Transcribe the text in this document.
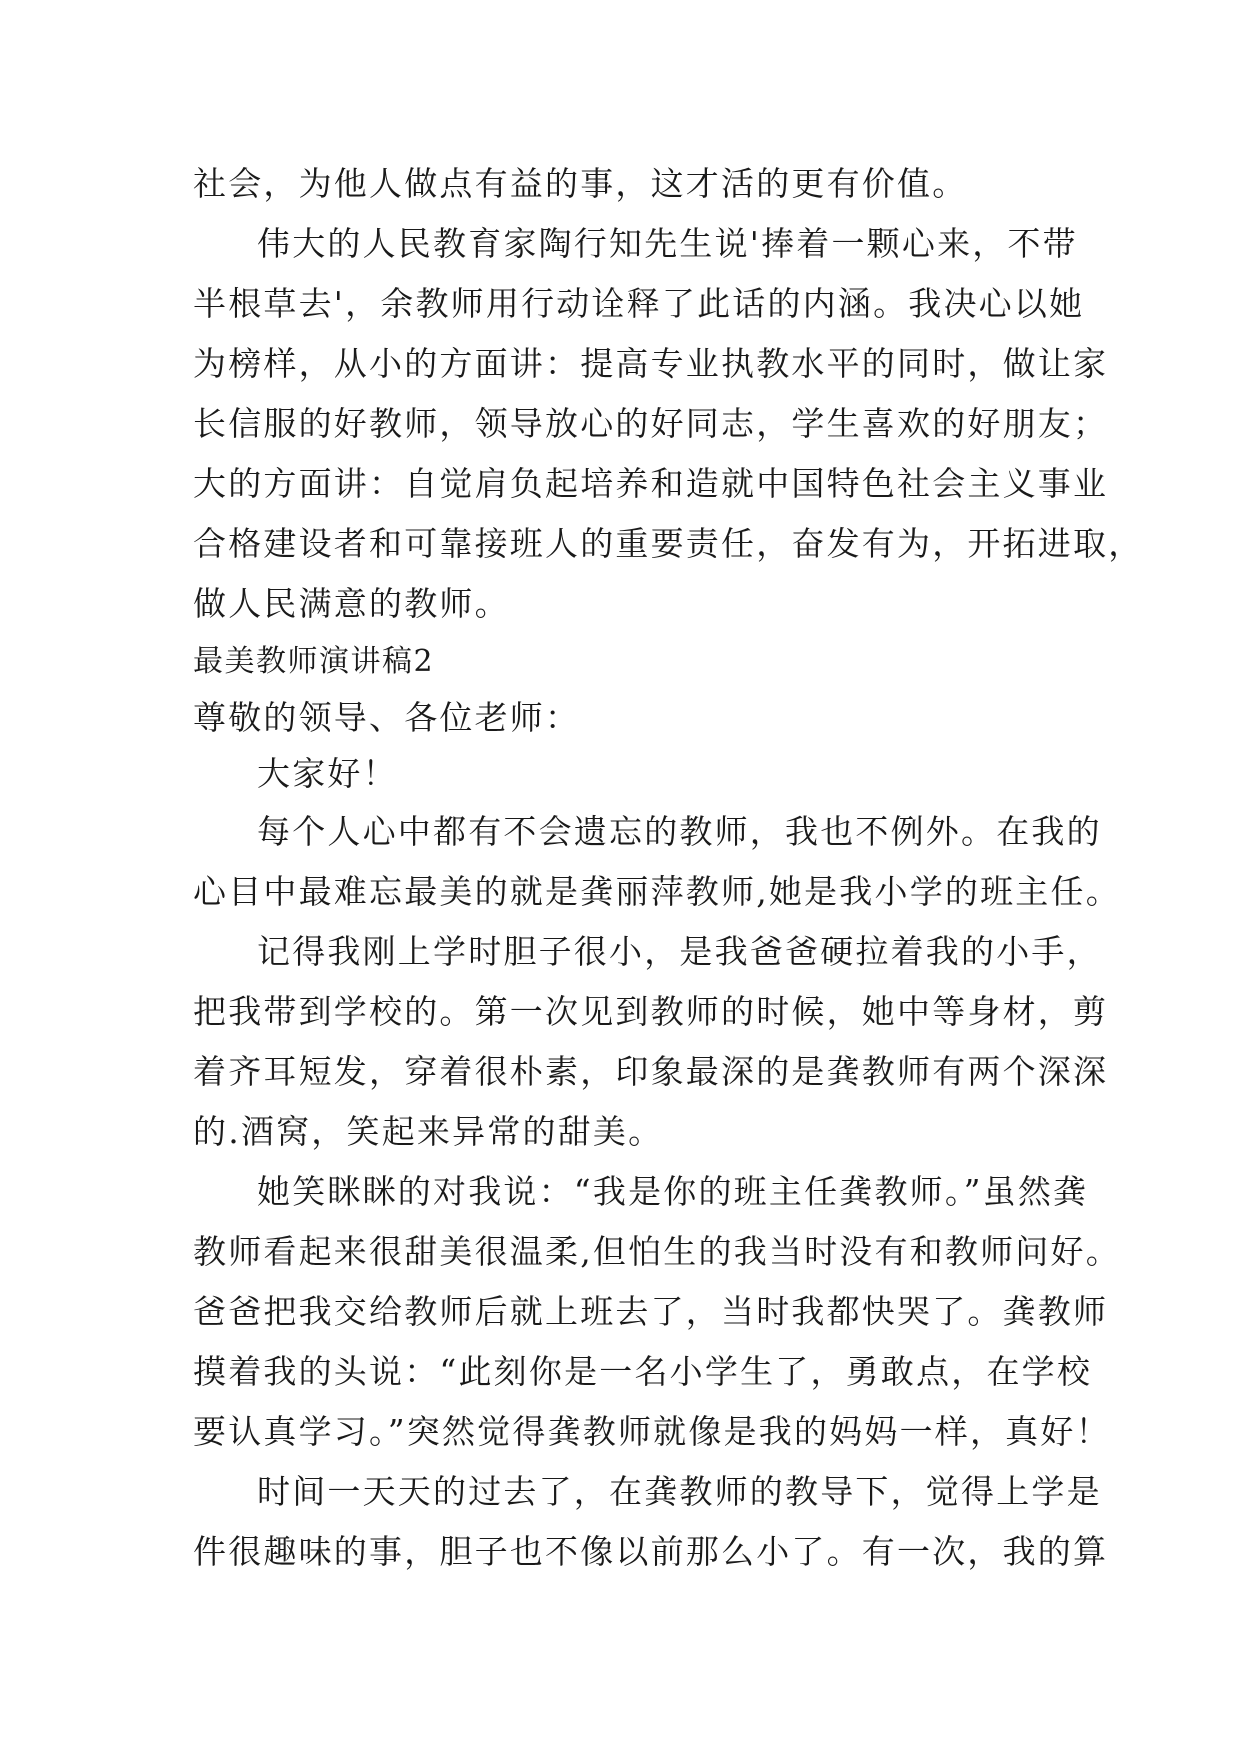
社会，为他人做点有益的事，这才活的更有价值。
伟大的人民教育家陶行知先生说'捧着一颗心来，不带
半根草去'，余教师用行动诠释了此话的内涵。我决心以她
为榜样，从小的方面讲：提高专业执教水平的同时，做让家
长信服的好教师，领导放心的好同志，学生喜欢的好朋友；
大的方面讲：自觉肩负起培养和造就中国特色社会主义事业
合格建设者和可靠接班人的重要责任，奋发有为，开拓进取，
做人民满意的教师。
最美教师演讲稿2
尊敬的领导、各位老师：
大家好！
每个人心中都有不会遗忘的教师，我也不例外。在我的
心目中最难忘最美的就是龚丽萍教师,她是我小学的班主任。
记得我刚上学时胆子很小，是我爸爸硬拉着我的小手，
把我带到学校的。第一次见到教师的时候，她中等身材，剪
着齐耳短发，穿着很朴素，印象最深的是龚教师有两个深深
的.酒窝，笑起来异常的甜美。
她笑眯眯的对我说：“我是你的班主任龚教师。”虽然龚
教师看起来很甜美很温柔,但怕生的我当时没有和教师问好。
爸爸把我交给教师后就上班去了，当时我都快哭了。龚教师
摸着我的头说：“此刻你是一名小学生了，勇敢点，在学校
要认真学习。”突然觉得龚教师就像是我的妈妈一样，真好！
时间一天天的过去了，在龚教师的教导下，觉得上学是
件很趣味的事，胆子也不像以前那么小了。有一次，我的算
